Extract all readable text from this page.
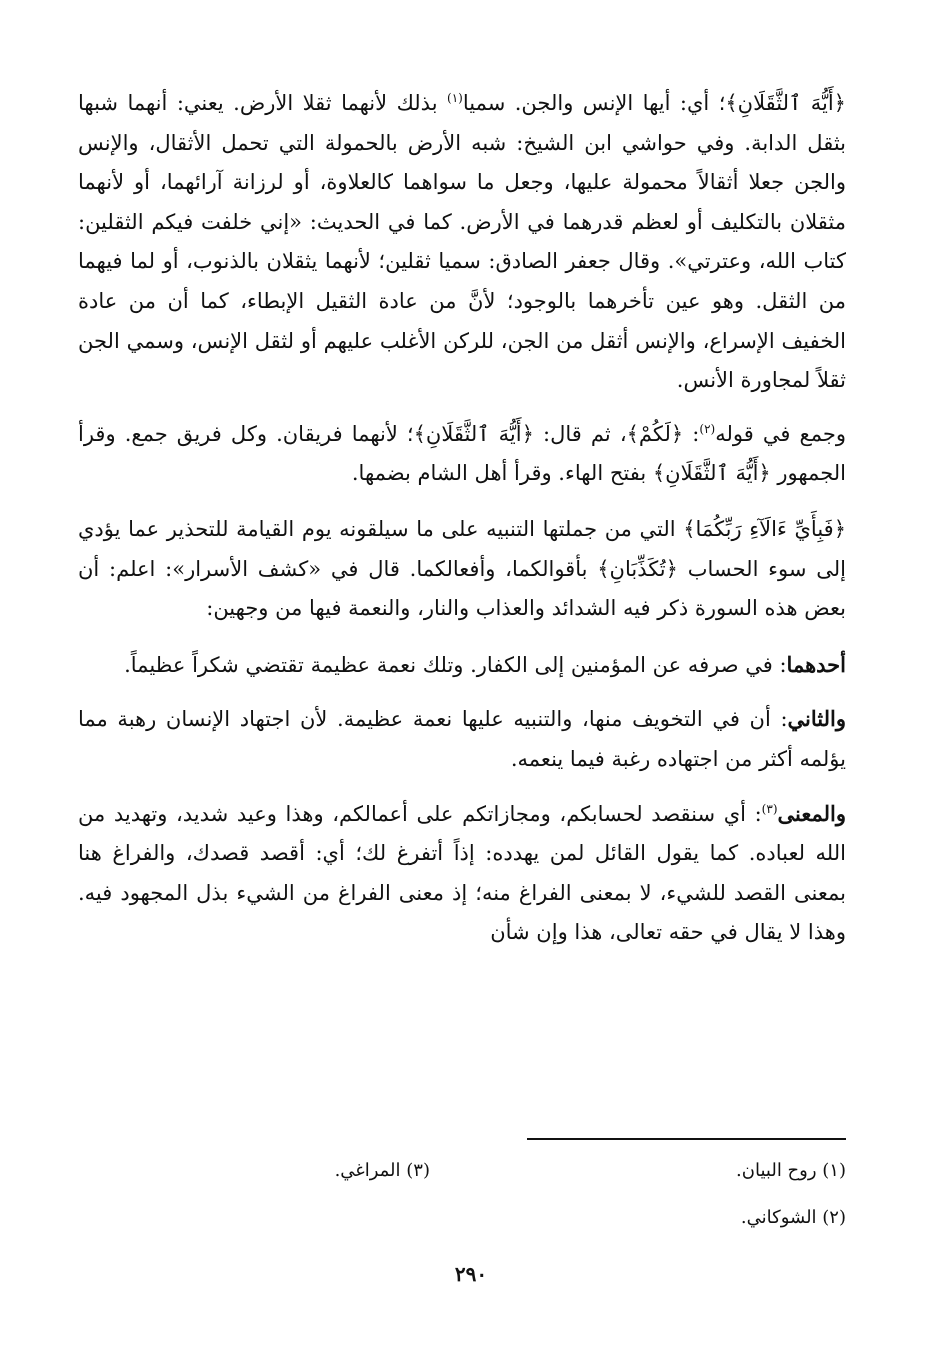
﴿أَيُّهَ ٱلثَّقَلَانِ﴾؛ أي: أيها الإنس والجن. سميا$^{(١)}$ بذلك لأنهما ثقلا الأرض. يعني: أنهما شبها بثقل الدابة. وفي حواشي ابن الشيخ: شبه الأرض بالحمولة التي تحمل الأثقال، والإنس والجن جعلا أثقالاً محمولة عليها، وجعل ما سواهما كالعلاوة، أو لرزانة آرائهما، أو لأنهما مثقلان بالتكليف أو لعظم قدرهما في الأرض. كما في الحديث: «إني خلفت فيكم الثقلين: كتاب الله، وعترتي». وقال جعفر الصادق: سميا ثقلين؛ لأنهما يثقلان بالذنوب، أو لما فيهما من الثقل. وهو عين تأخرهما بالوجود؛ لأنَّ من عادة الثقيل الإبطاء، كما أن من عادة الخفيف الإسراع، والإنس أثقل من الجن، للركن الأغلب عليهم أو لثقل الإنس، وسمي الجن ثقلاً لمجاورة الأنس.

وجمع في قوله$^{(٢)}$: ﴿لَكُمْ﴾، ثم قال: ﴿أَيُّهَ ٱلثَّقَلَانِ﴾؛ لأنهما فريقان. وكل فريق جمع. وقرأ الجمهور ﴿أَيُّهَ ٱلثَّقَلَانِ﴾ بفتح الهاء. وقرأ أهل الشام بضمها.

﴿فَبِأَيِّ ءَالَآءِ رَبِّكُمَا﴾ التي من جملتها التنبيه على ما سيلقونه يوم القيامة للتحذير عما يؤدي إلى سوء الحساب ﴿تُكَذِّبَانِ﴾ بأقوالكما، وأفعالكما. قال في «كشف الأسرار»: اعلم: أن بعض هذه السورة ذكر فيه الشدائد والعذاب والنار، والنعمة فيها من وجهين:

أحدهما: في صرفه عن المؤمنين إلى الكفار. وتلك نعمة عظيمة تقتضي شكراً عظيماً.

والثاني: أن في التخويف منها، والتنبيه عليها نعمة عظيمة. لأن اجتهاد الإنسان رهبة مما يؤلمه أكثر من اجتهاده رغبة فيما ينعمه.

والمعنى$^{(٣)}$: أي سنقصد لحسابكم، ومجازاتكم على أعمالكم، وهذا وعيد شديد، وتهديد من الله لعباده. كما يقول القائل لمن يهدده: إذاً أتفرغ لك؛ أي: أقصد قصدك، والفراغ هنا بمعنى القصد للشيء، لا بمعنى الفراغ منه؛ إذ معنى الفراغ من الشيء بذل المجهود فيه. وهذا لا يقال في حقه تعالى، هذا وإن شأن

(١) روح البيان.
(٣) المراغي.
(٢) الشوكاني.
٢٩٠
